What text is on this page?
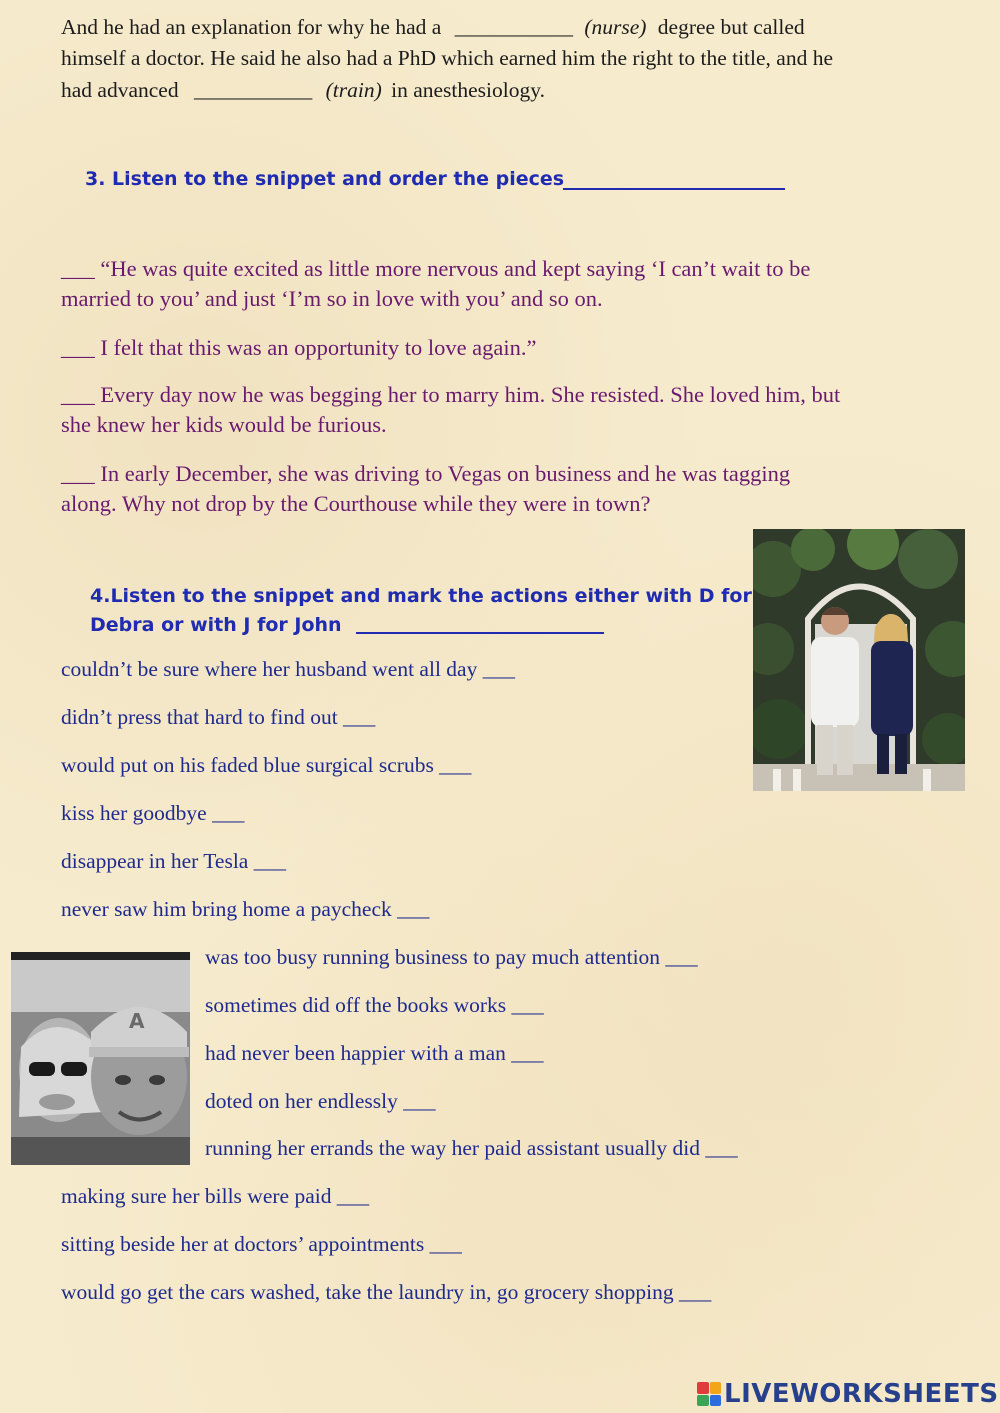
And he had an explanation for why he had a ___________ (nurse) degree but called
himself a doctor. He said he also had a PhD which earned him the right to the title, and he
had advanced ___________ (train) in anesthesiology.
3. Listen to the snippet and order the pieces
___ “He was quite excited as little more nervous and kept saying ‘I can’t wait to be
married to you’ and just ‘I’m so in love with you’ and so on.
___ I felt that this was an opportunity to love again.”
___ Every day now he was begging her to marry him. She resisted. She loved him, but
she knew her kids would be furious.
___ In early December, she was driving to Vegas on business and he was tagging
along. Why not drop by the Courthouse while they were in town?
4.Listen to the snippet and mark the actions either with D for
Debra or with J for John
couldn’t be sure where her husband went all day ___
didn’t press that hard to find out ___
would put on his faded blue surgical scrubs ___
kiss her goodbye ___
disappear in her Tesla ___
never saw him bring home a paycheck ___
was too busy running business to pay much attention ___
sometimes did off the books works ___
had never been happier with a man ___
doted on her endlessly ___
running her errands the way her paid assistant usually did ___
making sure her bills were paid ___
sitting beside her at doctors’ appointments ___
would go get the cars washed, take the laundry in, go grocery shopping ___
A
LIVEWORKSHEETS
